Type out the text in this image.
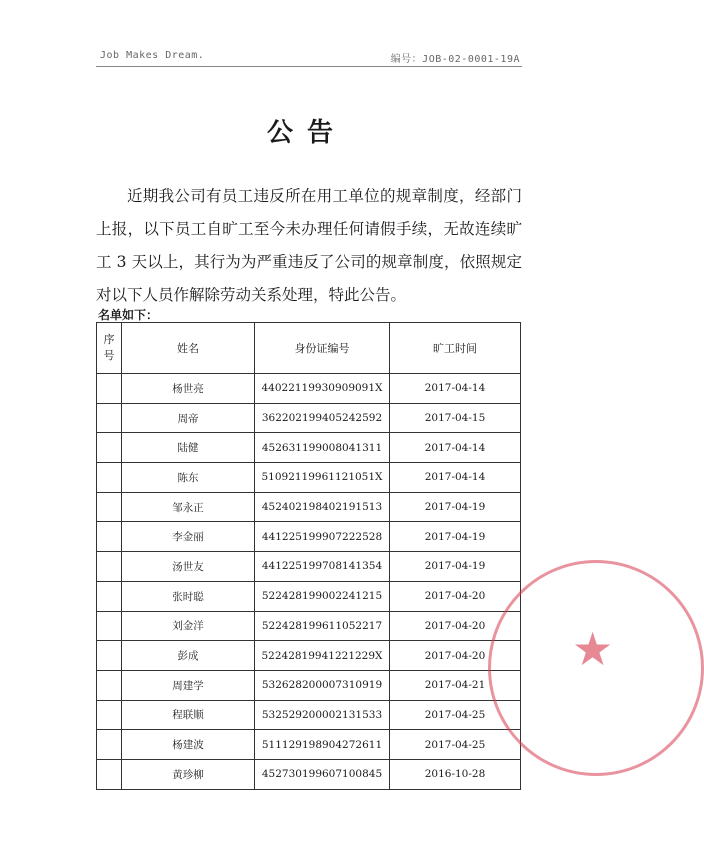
Job Makes Dream.	编号：JOB-02-0001-19A
公告

近期我公司有员工违反所在用工单位的规章制度，经部门上报，以下员工自旷工至今未办理任何请假手续，无故连续旷工 3 天以上，其行为为严重违反了公司的规章制度，依照规定对以下人员作解除劳动关系处理，特此公告。

名单如下：
序
号	姓名	身份证编号	旷工时间
	杨世亮	44022119930909091X	2017-04-14
	周帝	362202199405242592	2017-04-15
	陆健	452631199008041311	2017-04-14
	陈东	51092119961121051X	2017-04-14
	邹永正	452402198402191513	2017-04-19
	李金丽	441225199907222528	2017-04-19
	汤世友	441225199708141354	2017-04-19
	张时聪	522428199002241215	2017-04-20
	刘金洋	522428199611052217	2017-04-20
	彭成	52242819941221229X	2017-04-20
	周建学	532628200007310919	2017-04-21
	程联顺	532529200002131533	2017-04-25
	杨建波	511129198904272611	2017-04-25
	黄珍柳	452730199607100845	2016-10-28
★
